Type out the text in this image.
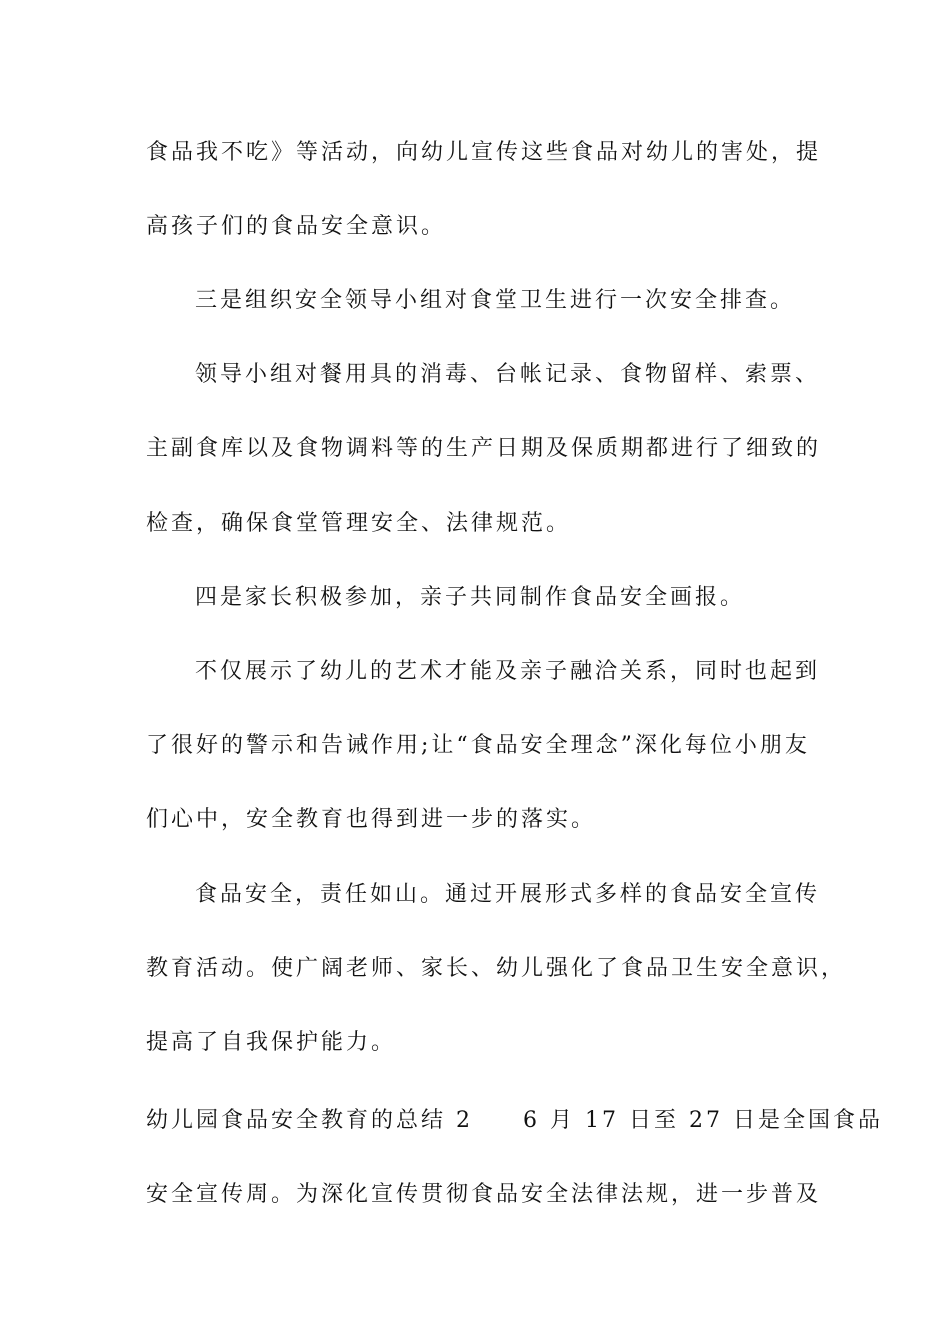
食品我不吃》等活动，向幼儿宣传这些食品对幼儿的害处，提
高孩子们的食品安全意识。
三是组织安全领导小组对食堂卫生进行一次安全排查。
领导小组对餐用具的消毒、台帐记录、食物留样、索票、
主副食库以及食物调料等的生产日期及保质期都进行了细致的
检查，确保食堂管理安全、法律规范。
四是家长积极参加，亲子共同制作食品安全画报。
不仅展示了幼儿的艺术才能及亲子融洽关系，同时也起到
了很好的警示和告诫作用;让“食品安全理念”深化每位小朋友
们心中，安全教育也得到进一步的落实。
食品安全，责任如山。通过开展形式多样的食品安全宣传
教育活动。使广阔老师、家长、幼儿强化了食品卫生安全意识，
提高了自我保护能力。
幼儿园食品安全教育的总结 2　　6 月 17 日至 27 日是全国食品
安全宣传周。为深化宣传贯彻食品安全法律法规，进一步普及
